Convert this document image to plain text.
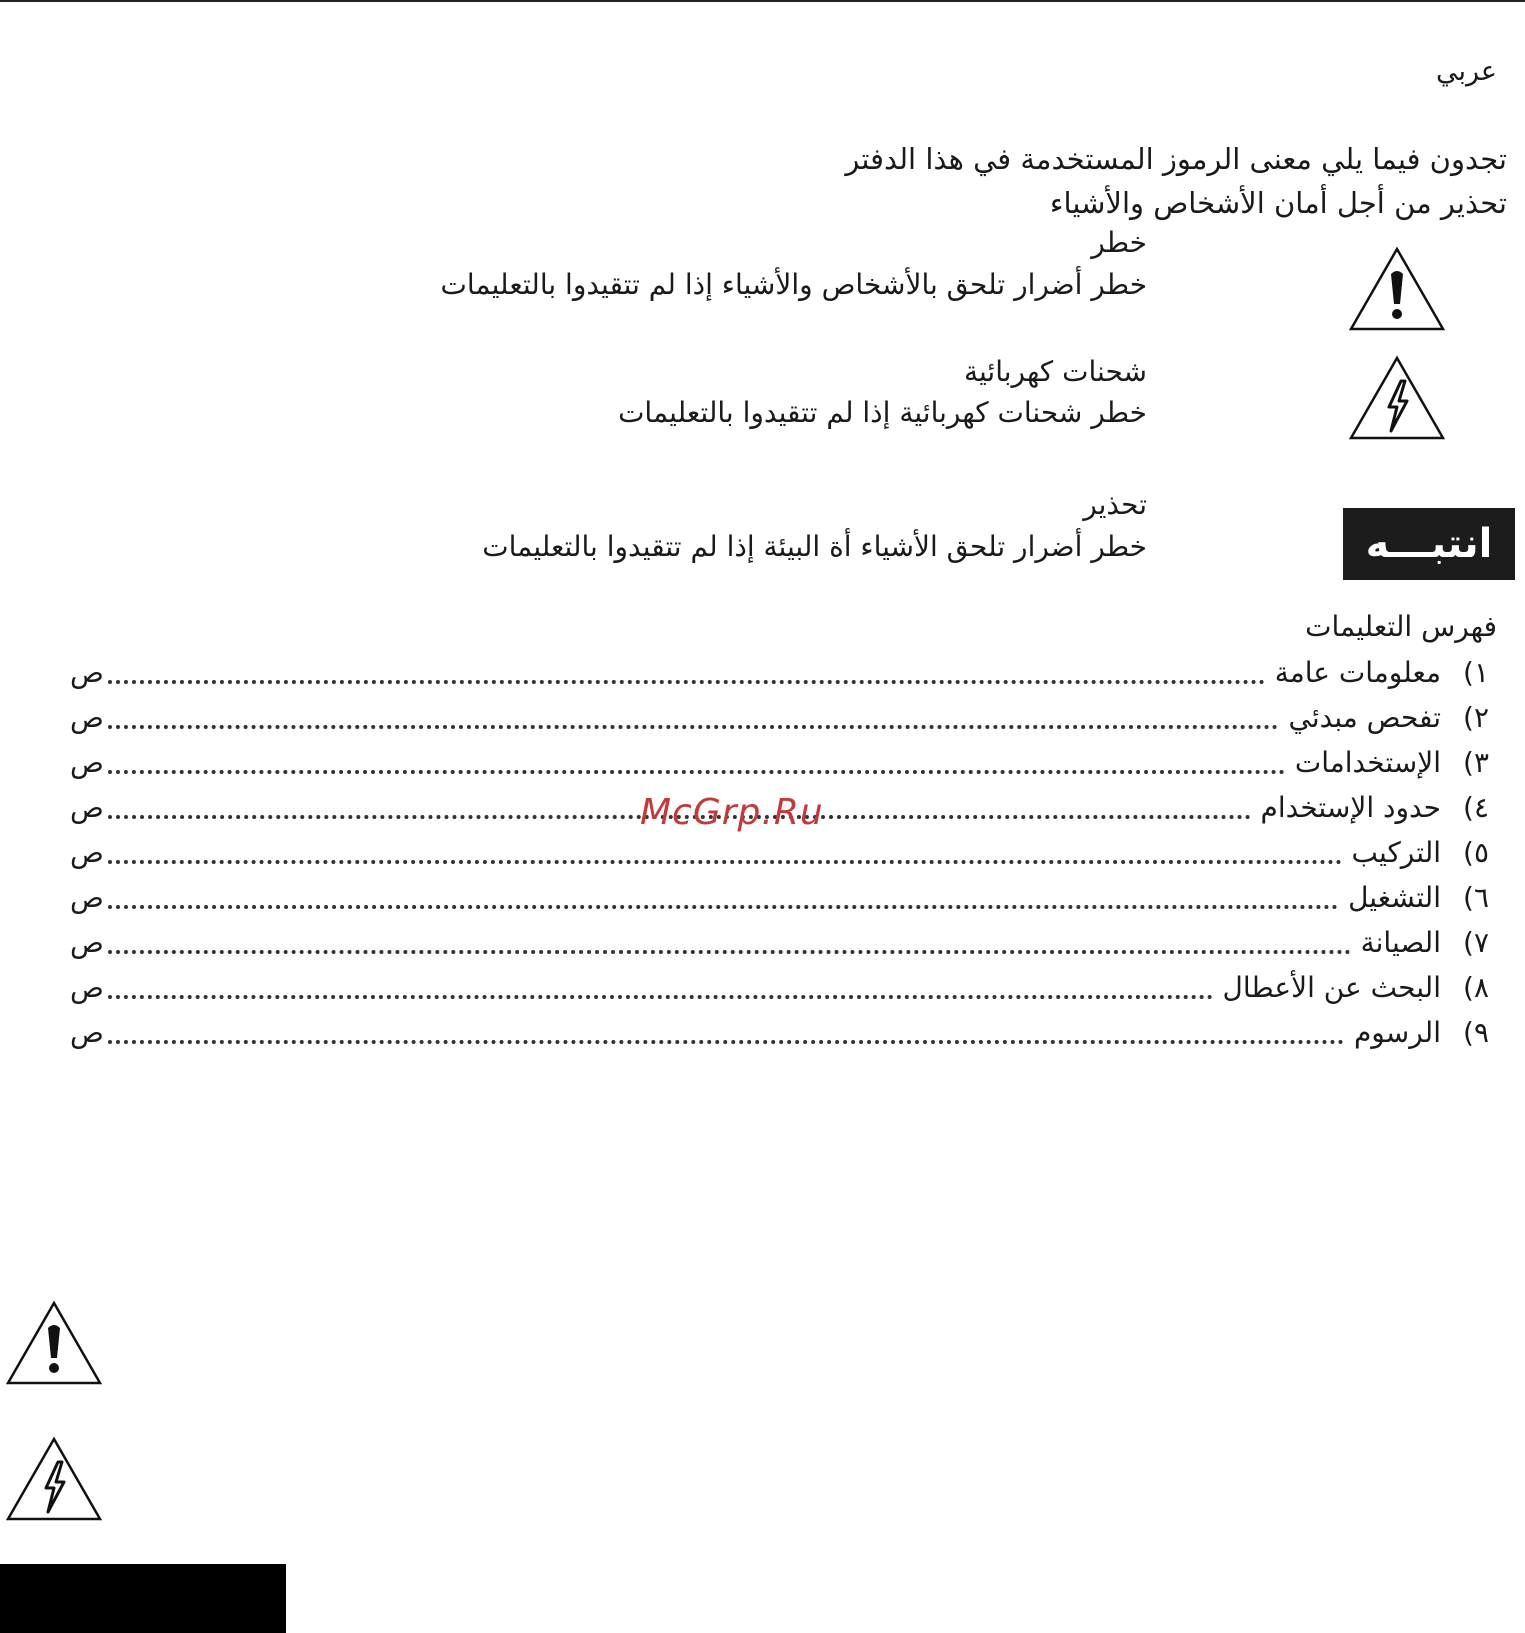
عربي
تجدون فيما يلي معنى الرموز المستخدمة في هذا الدفتر
تحذير من أجل أمان الأشخاص والأشياء
خطر
خطر أضرار تلحق بالأشخاص والأشياء إذا لم تتقيدوا بالتعليمات
شحنات كهربائية
خطر شحنات كهربائية إذا لم تتقيدوا بالتعليمات
انتبـــه
تحذير
خطر أضرار تلحق الأشياء أة البيئة إذا لم تتقيدوا بالتعليمات
فهرس التعليمات
١)
معلومات عامة
ص
٢)
تفحص مبدئي
ص
٣)
الإستخدامات
ص
٤)
حدود الإستخدام
ص
٥)
التركيب
ص
٦)
التشغيل
ص
٧)
الصيانة
ص
٨)
البحث عن الأعطال
ص
٩)
الرسوم
ص
McGrp.Ru
